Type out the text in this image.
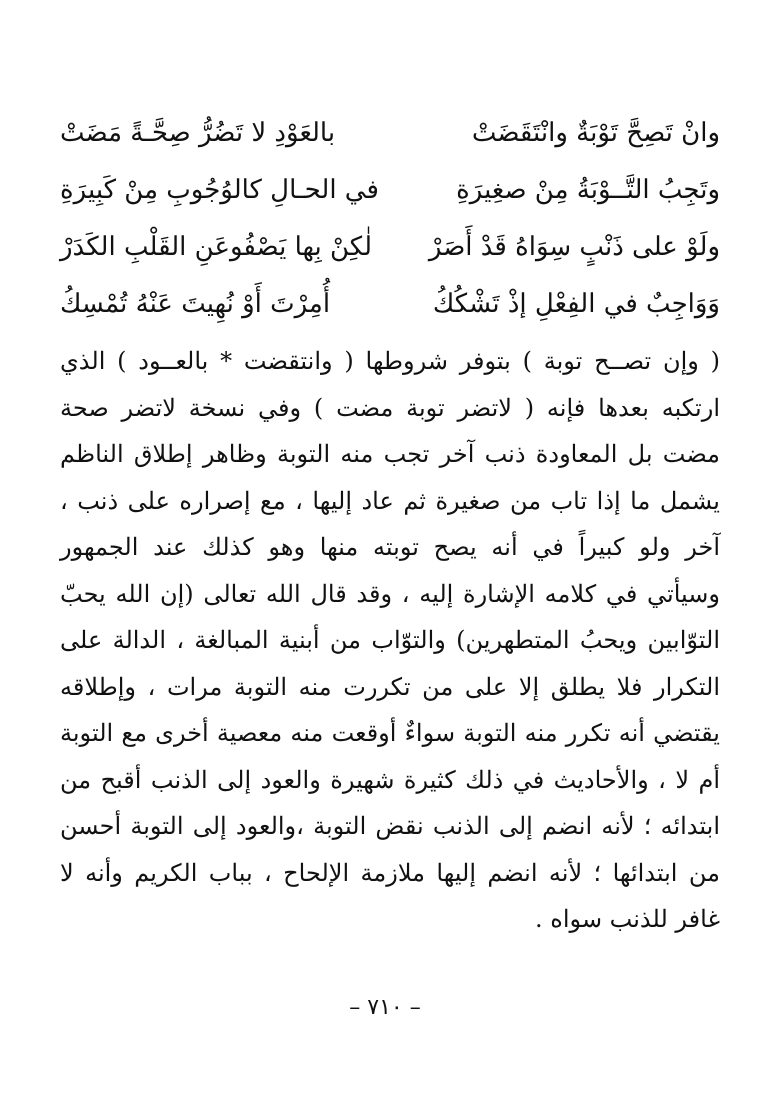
وانْ تَصِحَّ تَوْبَةٌ وانْتَقَضَتْ
بالعَوْدِ لا تَضُرُّ صِحَّـةً مَضَتْ
وتَجِبُ التَّــوْبَةُ مِنْ صغِيرَةِ
في الحـالِ كالوُجُوبِ مِنْ كَبِيرَةِ
ولَوْ على ذَنْبٍ سِوَاهُ قَدْ أَصَرْ
لٰكِنْ بِها يَصْفُوعَنِ القَلْبِ الكَدَرْ
وَوَاجِبٌ في الفِعْلِ إذْ تَشْكُكُ
أُمِرْتَ أَوْ نُهِيتَ عَنْهُ تُمْسِكُ

( وإن تصــح توبة ) بتوفر شروطها ( وانتقضت * بالعــود ) الذي ارتكبه بعدها فإنه ( لاتضر توبة مضت ) وفي نسخة لاتضر صحة مضت بل المعاودة ذنب آخر تجب منه التوبة وظاهر إطلاق الناظم يشمل ما إذا تاب من صغيرة ثم عاد إليها ، مع إصراره على ذنب ، آخر ولو كبيراً في أنه يصح توبته منها وهو كذلك عند الجمهور وسيأتي في كلامه الإشارة إليه ، وقد قال الله تعالى (إن الله يحبّ التوّابين ويحبُ المتطهرين) والتوّاب من أبنية المبالغة ، الدالة على التكرار فلا يطلق إلا على من تكررت منه التوبة مرات ، وإطلاقه يقتضي أنه تكرر منه التوبة سواءٌ أوقعت منه معصية أخرى مع التوبة أم لا ، والأحاديث في ذلك كثيرة شهيرة والعود إلى الذنب أقبح من ابتدائه ؛ لأنه انضم إلى الذنب نقض التوبة ،والعود إلى التوبة أحسن من ابتدائها ؛ لأنه انضم إليها ملازمة الإلحاح ، بباب الكريم وأنه لا غافر للذنب سواه .

– ٧١٠ –
